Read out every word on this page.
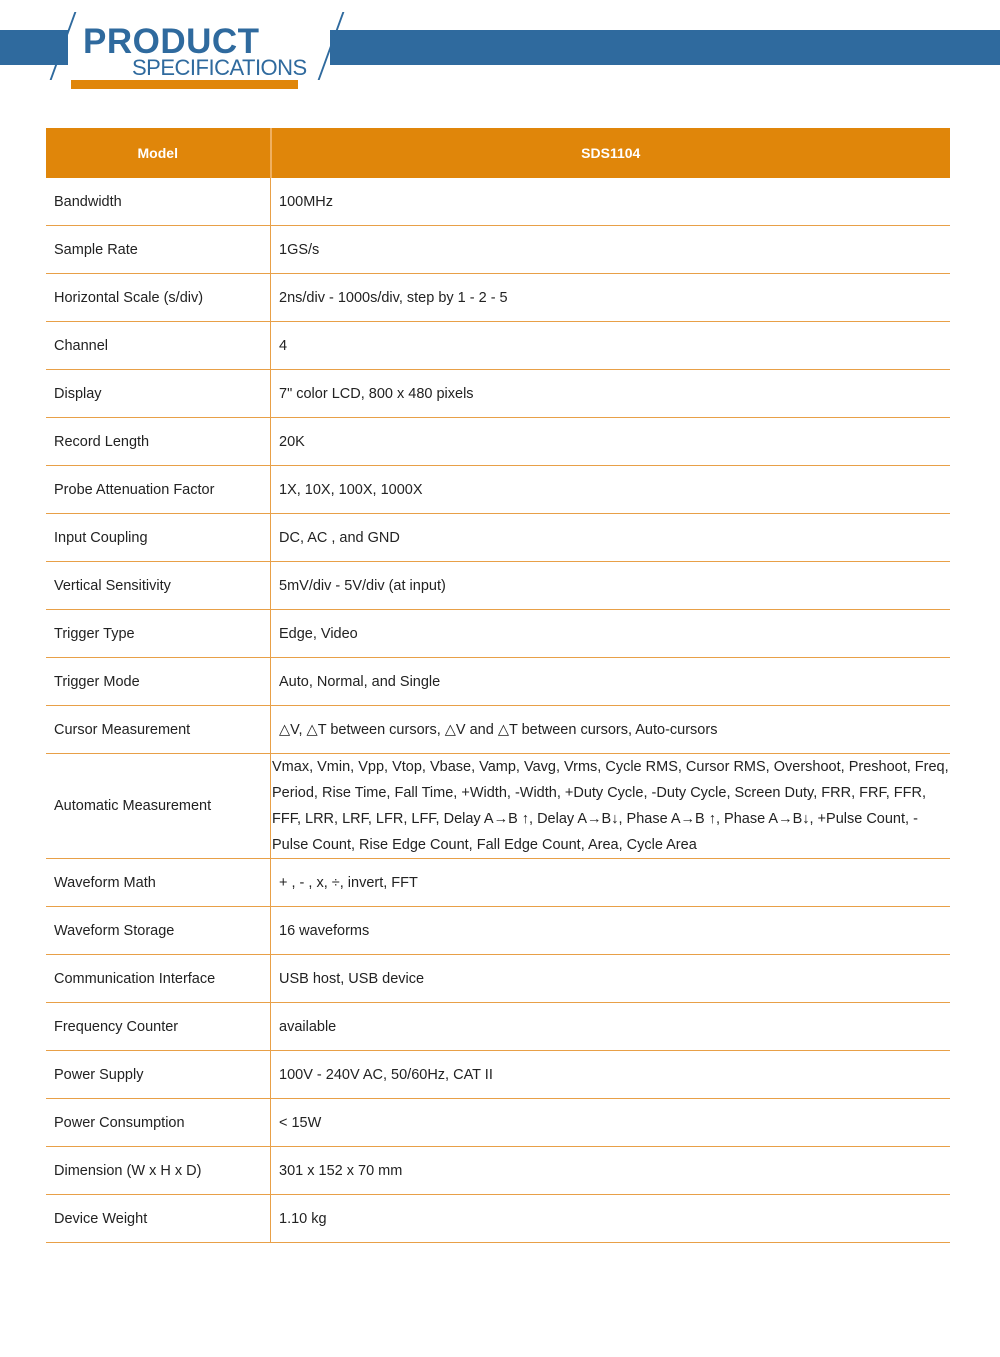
PRODUCT
SPECIFICATIONS
Model	SDS1104
Bandwidth	100MHz
Sample Rate	1GS/s
Horizontal Scale (s/div)	2ns/div - 1000s/div, step by 1 - 2 - 5
Channel	4
Display	7" color LCD, 800 x 480 pixels
Record Length	20K
Probe Attenuation Factor	1X, 10X, 100X, 1000X
Input Coupling	DC, AC , and GND
Vertical Sensitivity	5mV/div - 5V/div (at input)
Trigger Type	Edge, Video
Trigger Mode	Auto, Normal, and Single
Cursor Measurement	△V, △T between cursors, △V and △T between cursors, Auto-cursors
Automatic Measurement	Vmax, Vmin, Vpp, Vtop, Vbase, Vamp, Vavg, Vrms, Cycle RMS, Cursor RMS, Overshoot, Preshoot, Freq, Period, Rise Time, Fall Time, +Width, -Width, +Duty Cycle, -Duty Cycle, Screen Duty, FRR, FRF, FFR, FFF, LRR, LRF, LFR, LFF, Delay A→B ↑, Delay A→B↓, Phase A→B ↑, Phase A→B↓, +Pulse Count, -Pulse Count, Rise Edge Count, Fall Edge Count, Area, Cycle Area
Waveform Math	+ , - , x, ÷, invert, FFT
Waveform Storage	16 waveforms
Communication Interface	USB host, USB device
Frequency Counter	available
Power Supply	100V - 240V AC, 50/60Hz, CAT II
Power Consumption	< 15W
Dimension (W x H x D)	301 x 152 x 70 mm
Device Weight	1.10 kg
